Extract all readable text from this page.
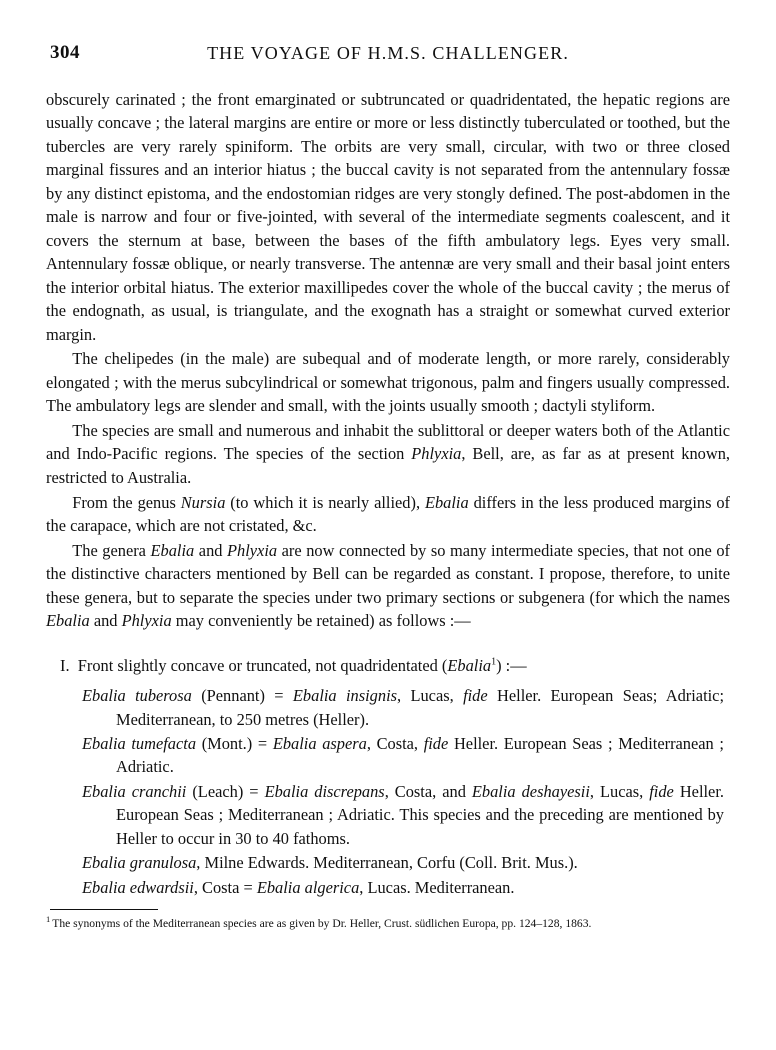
304	THE VOYAGE OF H.M.S. CHALLENGER.

obscurely carinated ; the front emarginated or subtruncated or quadridentated, the hepatic regions are usually concave ; the lateral margins are entire or more or less distinctly tuberculated or toothed, but the tubercles are very rarely spiniform. The orbits are very small, circular, with two or three closed marginal fissures and an interior hiatus ; the buccal cavity is not separated from the antennulary fossæ by any distinct epistoma, and the endostomian ridges are very stongly defined. The post-abdomen in the male is narrow and four or five-jointed, with several of the intermediate segments coalescent, and it covers the sternum at base, between the bases of the fifth ambulatory legs. Eyes very small. Antennulary fossæ oblique, or nearly transverse. The antennæ are very small and their basal joint enters the interior orbital hiatus. The exterior maxillipedes cover the whole of the buccal cavity ; the merus of the endognath, as usual, is triangulate, and the exognath has a straight or somewhat curved exterior margin.

The chelipedes (in the male) are subequal and of moderate length, or more rarely, considerably elongated ; with the merus subcylindrical or somewhat trigonous, palm and fingers usually compressed. The ambulatory legs are slender and small, with the joints usually smooth ; dactyli styliform.

The species are small and numerous and inhabit the sublittoral or deeper waters both of the Atlantic and Indo-Pacific regions. The species of the section Phlyxia, Bell, are, as far as at present known, restricted to Australia.

From the genus Nursia (to which it is nearly allied), Ebalia differs in the less produced margins of the carapace, which are not cristated, &c.

The genera Ebalia and Phlyxia are now connected by so many intermediate species, that not one of the distinctive characters mentioned by Bell can be regarded as constant. I propose, therefore, to unite these genera, but to separate the species under two primary sections or subgenera (for which the names Ebalia and Phlyxia may conveniently be retained) as follows :—

I. Front slightly concave or truncated, not quadridentated (Ebalia$^1$) :—
Ebalia tuberosa (Pennant) = Ebalia insignis, Lucas, fide Heller. European Seas; Adriatic; Mediterranean, to 250 metres (Heller).
Ebalia tumefacta (Mont.) = Ebalia aspera, Costa, fide Heller. European Seas ; Mediterranean ; Adriatic.
Ebalia cranchii (Leach) = Ebalia discrepans, Costa, and Ebalia deshayesii, Lucas, fide Heller. European Seas ; Mediterranean ; Adriatic. This species and the preceding are mentioned by Heller to occur in 30 to 40 fathoms.
Ebalia granulosa, Milne Edwards. Mediterranean, Corfu (Coll. Brit. Mus.).
Ebalia edwardsii, Costa = Ebalia algerica, Lucas. Mediterranean.
$^1$ The synonyms of the Mediterranean species are as given by Dr. Heller, Crust. südlichen Europa, pp. 124–128, 1863.
